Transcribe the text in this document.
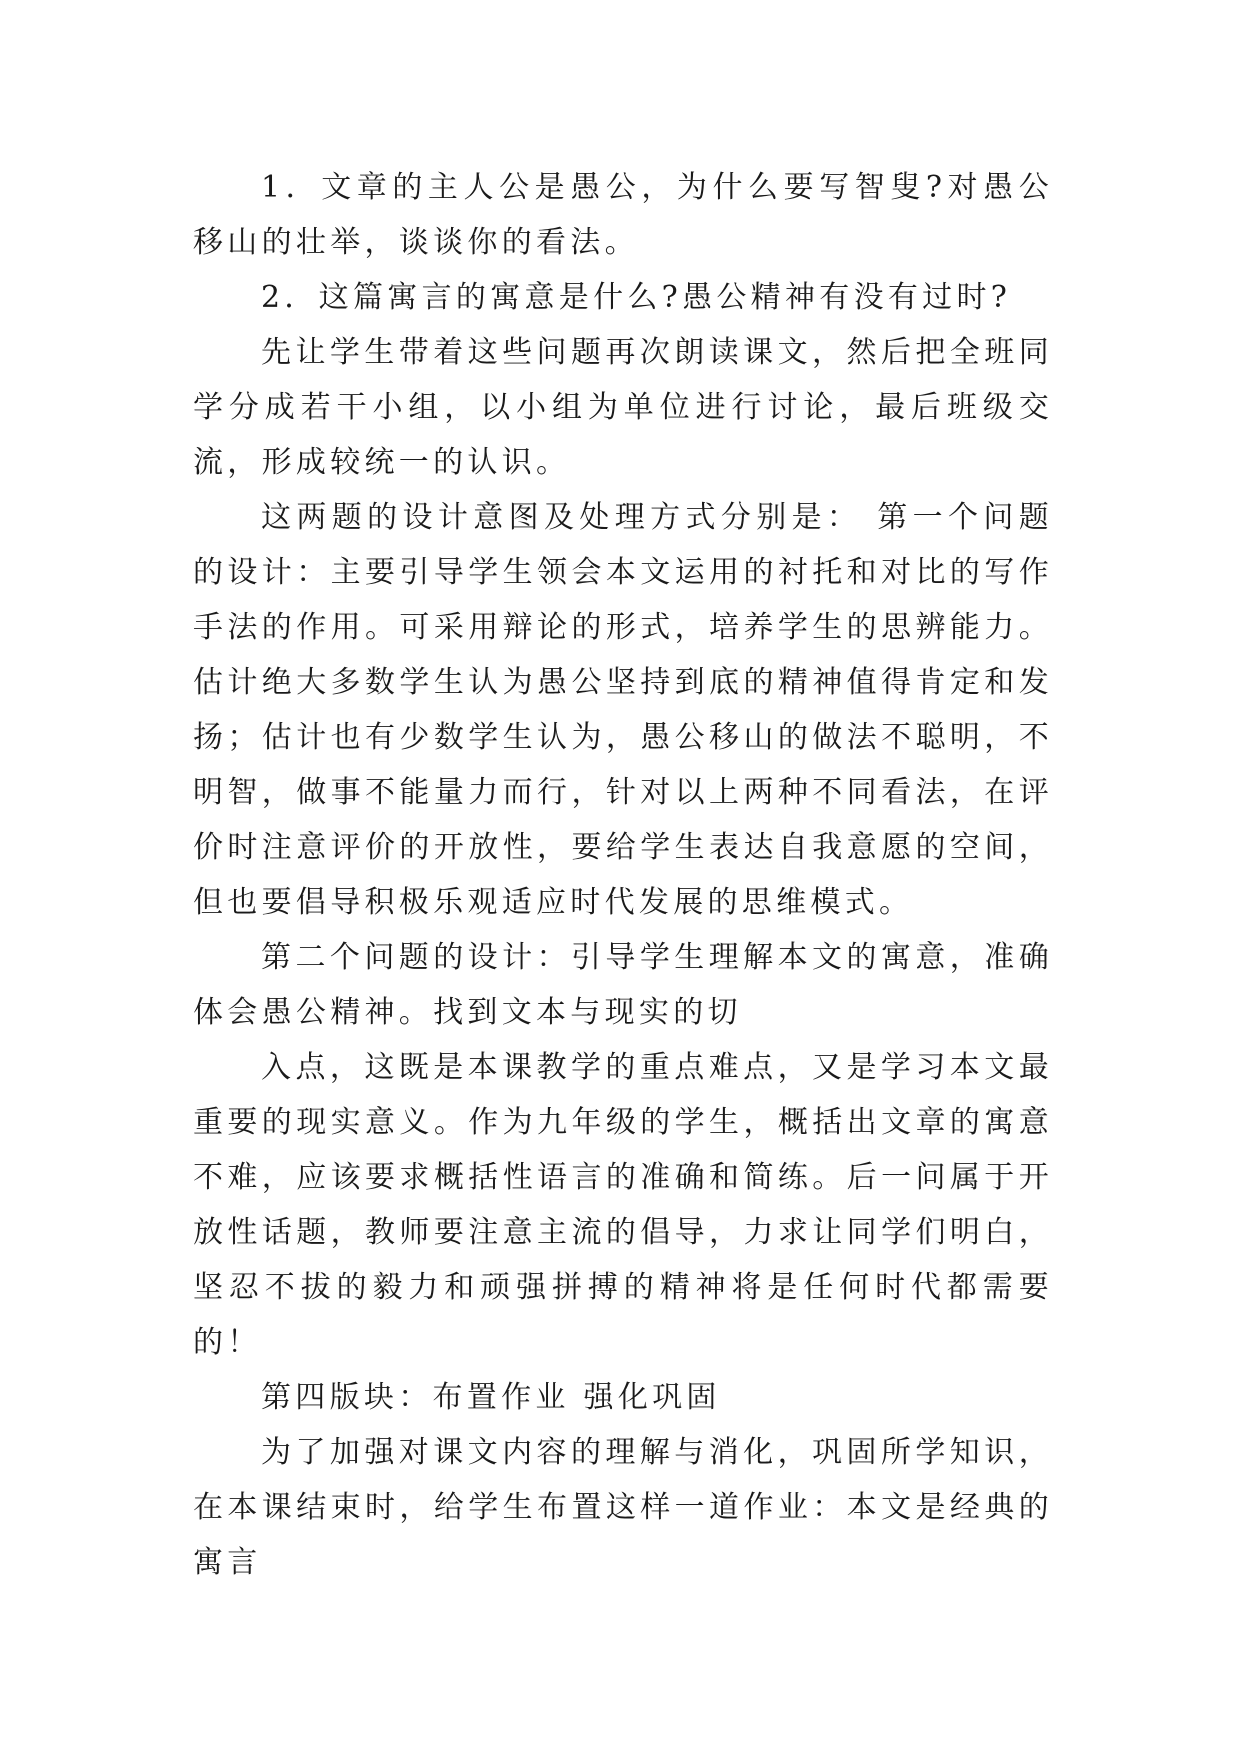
1．文章的主人公是愚公，为什么要写智叟?对愚公移山的壮举，谈谈你的看法。

2．这篇寓言的寓意是什么?愚公精神有没有过时?

先让学生带着这些问题再次朗读课文，然后把全班同学分成若干小组，以小组为单位进行讨论，最后班级交流，形成较统一的认识。

这两题的设计意图及处理方式分别是： 第一个问题的设计：主要引导学生领会本文运用的衬托和对比的写作手法的作用。可采用辩论的形式，培养学生的思辨能力。估计绝大多数学生认为愚公坚持到底的精神值得肯定和发扬；估计也有少数学生认为，愚公移山的做法不聪明，不明智，做事不能量力而行，针对以上两种不同看法，在评价时注意评价的开放性，要给学生表达自我意愿的空间，但也要倡导积极乐观适应时代发展的思维模式。

第二个问题的设计：引导学生理解本文的寓意，准确体会愚公精神。找到文本与现实的切

入点，这既是本课教学的重点难点，又是学习本文最重要的现实意义。作为九年级的学生，概括出文章的寓意不难，应该要求概括性语言的准确和简练。后一问属于开放性话题，教师要注意主流的倡导，力求让同学们明白，坚忍不拔的毅力和顽强拼搏的精神将是任何时代都需要的！

第四版块：布置作业 强化巩固

为了加强对课文内容的理解与消化，巩固所学知识，在本课结束时，给学生布置这样一道作业：本文是经典的寓言
